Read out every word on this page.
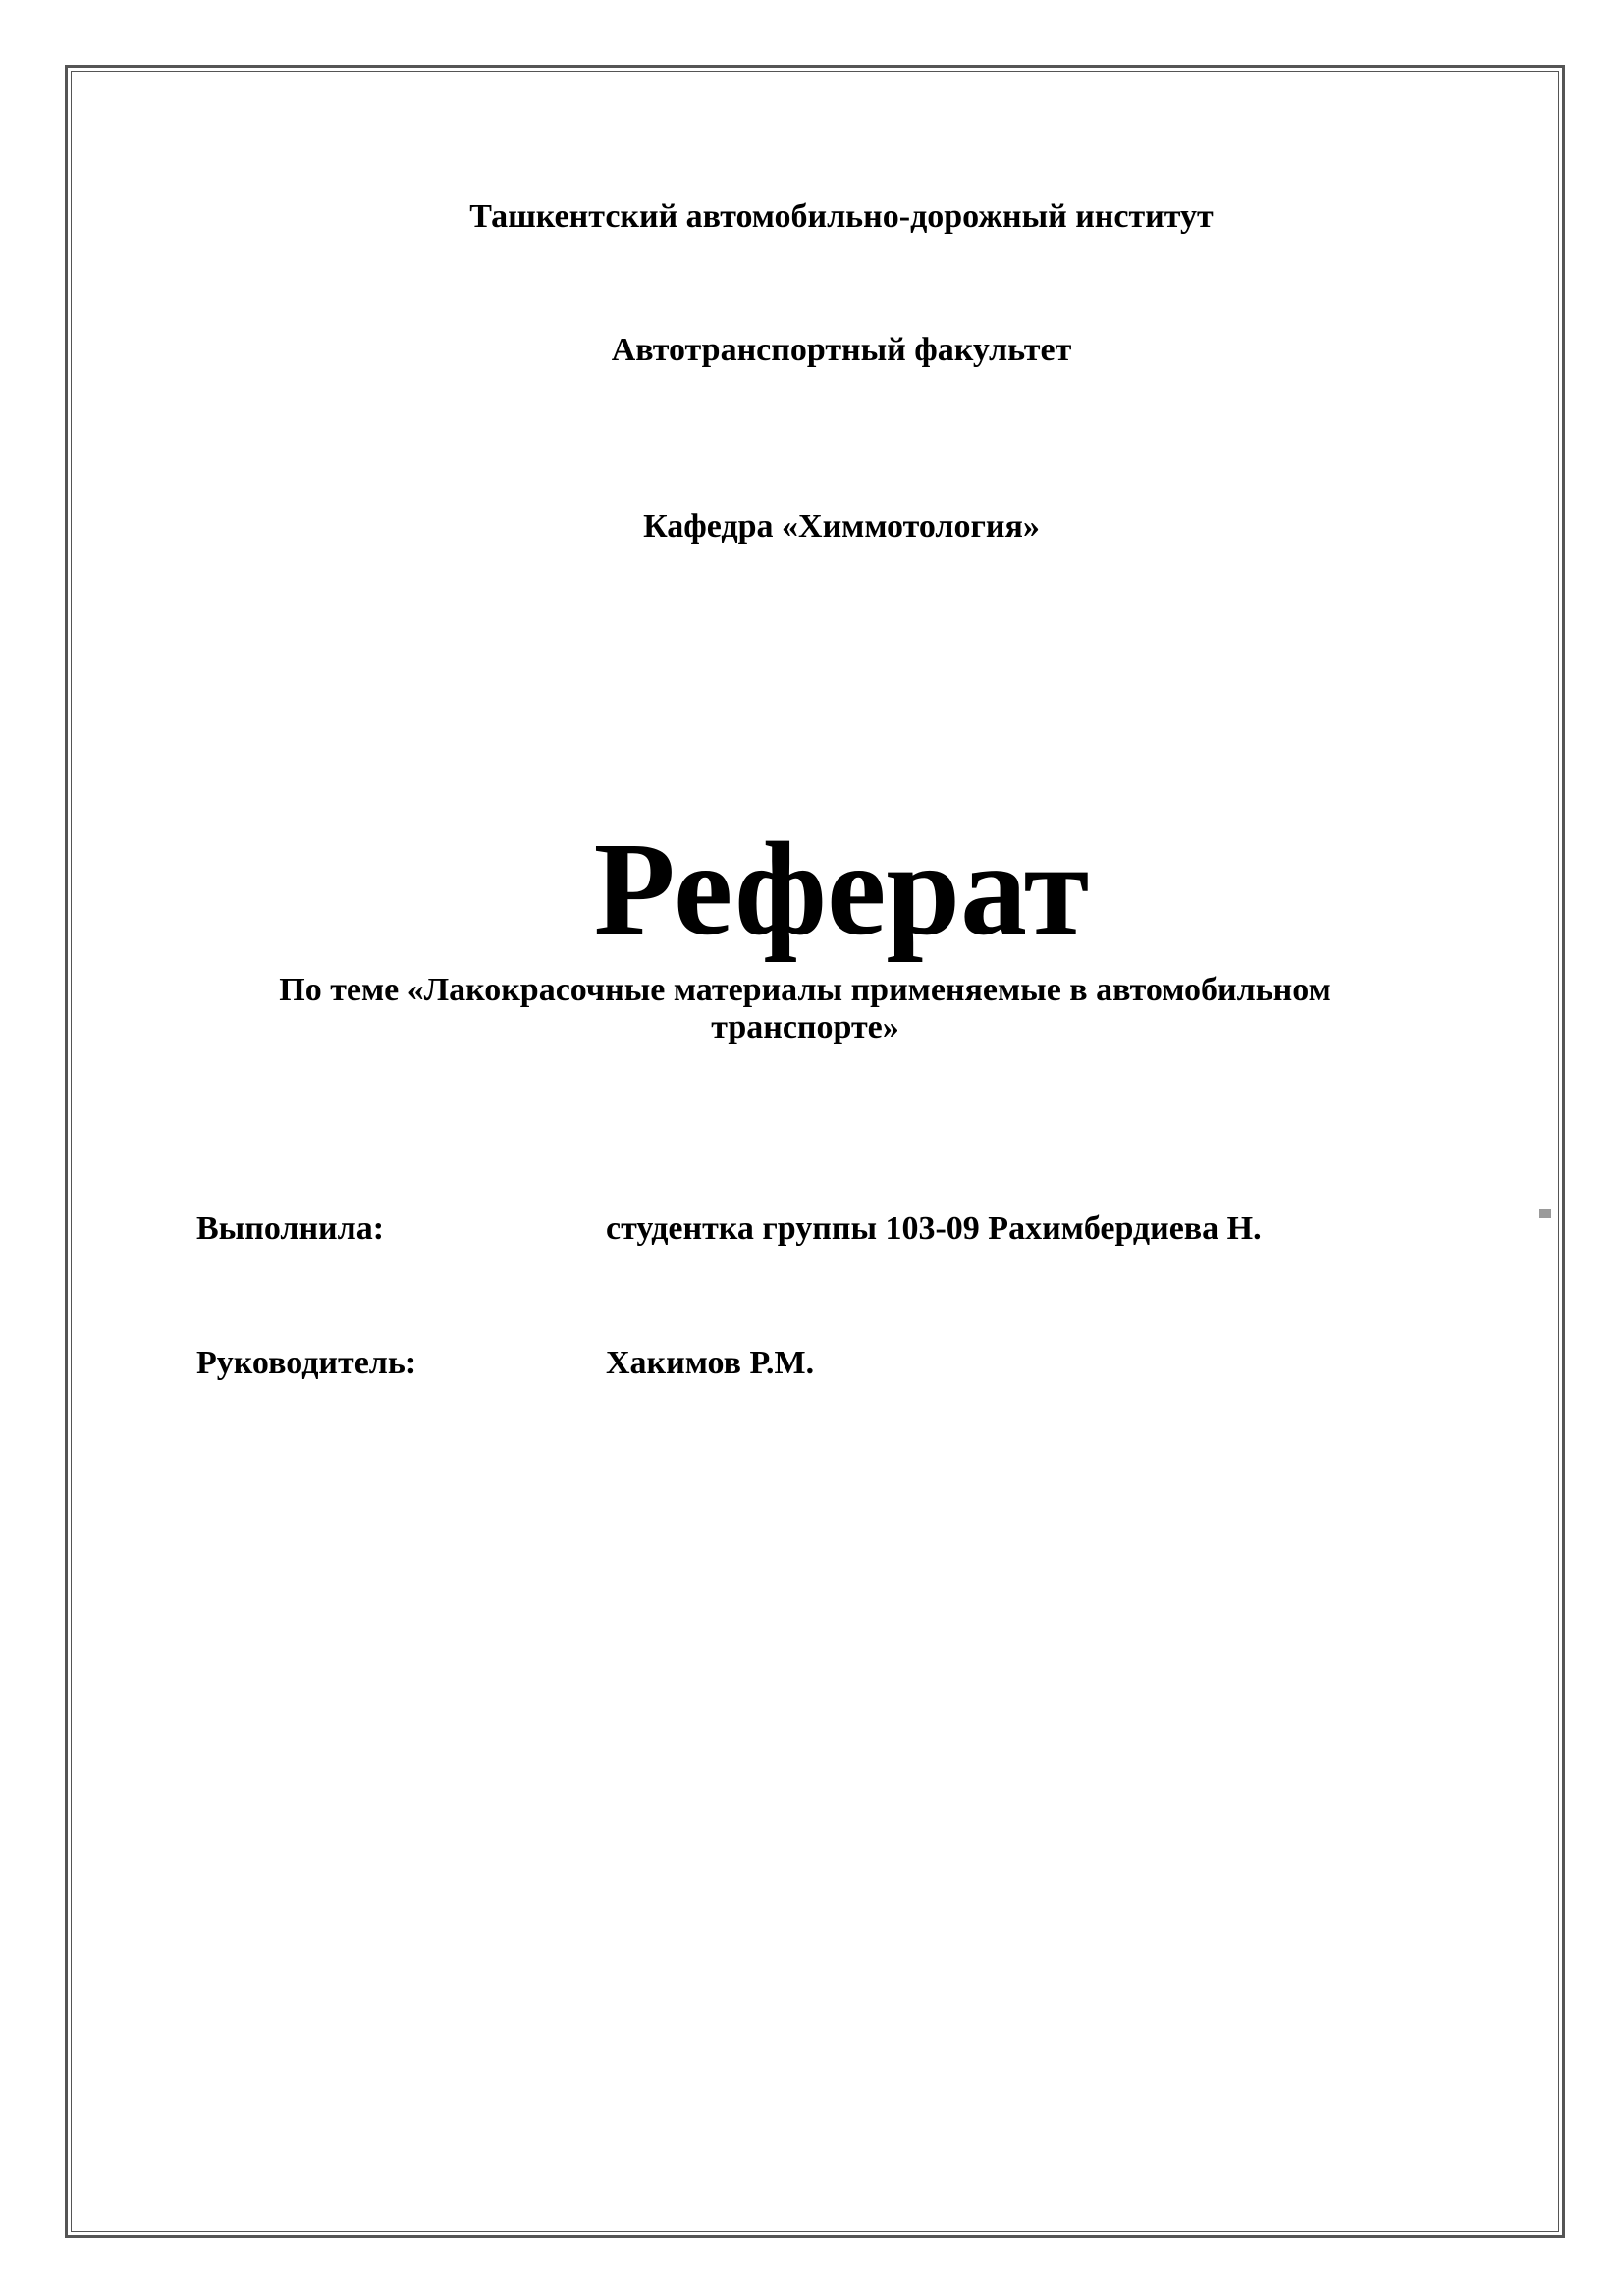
Ташкентский автомобильно-дорожный институт
Автотранспортный факультет
Кафедра «Химмотология»
Реферат
По теме «Лакокрасочные материалы применяемые в автомобильном транспорте»
Выполнила:	студентка группы 103-09 Рахимбердиева Н.
Руководитель:	Хакимов Р.М.
